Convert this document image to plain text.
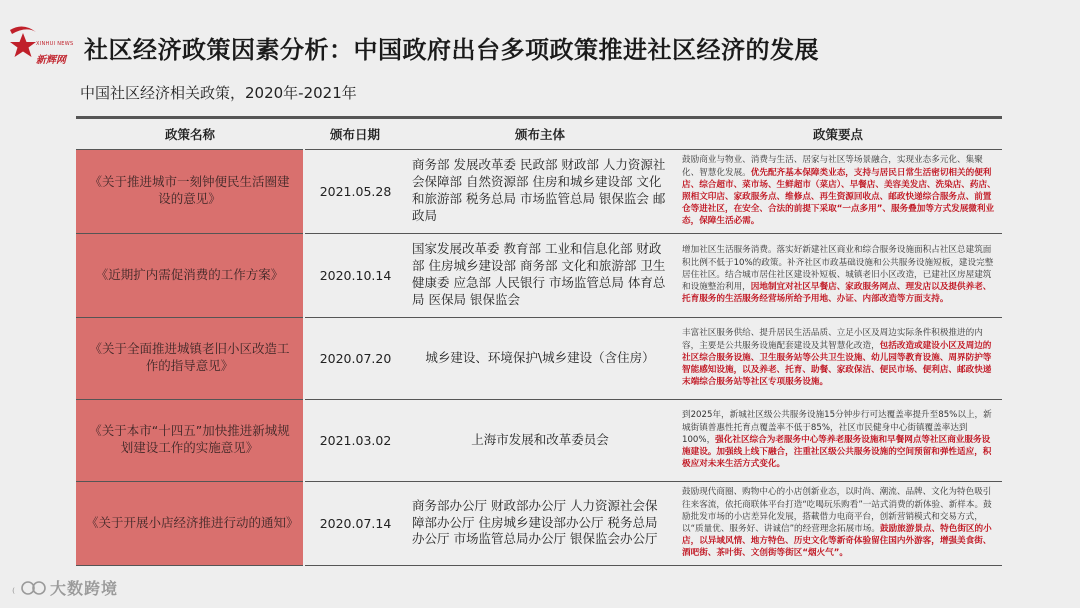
XINHUI NEWS
新辉网 社区经济政策因素分析：中国政府出台多项政策推进社区经济的发展
中国社区经济相关政策，2020年-2021年
政策名称	颁布日期	颁布主体	政策要点
《关于推进城市一刻钟便民生活圈建设的意见》	2021.05.28	商务部 发展改革委 民政部 财政部 人力资源社会保障部 自然资源部 住房和城乡建设部 文化和旅游部 税务总局 市场监管总局 银保监会 邮政局	鼓励商业与物业、消费与生活、居家与社区等场景融合，实现业态多元化、集聚化、智慧化发展。优先配齐基本保障类业态，支持与居民日常生活密切相关的便利店、综合超市、菜市场、生鲜超市（菜店）、早餐店、美容美发店、洗染店、药店、照相文印店、家政服务点、维修点、再生资源回收点、邮政快递综合服务点、前置仓等进社区，在安全、合法的前提下采取“一点多用”、服务叠加等方式发展微利业态，保障生活必需。
《近期扩内需促消费的工作方案》	2020.10.14	国家发展改革委 教育部 工业和信息化部 财政部 住房城乡建设部 商务部 文化和旅游部 卫生健康委 应急部 人民银行 市场监管总局 体育总局 医保局 银保监会	增加社区生活服务消费。落实好新建社区商业和综合服务设施面积占社区总建筑面积比例不低于10%的政策。补齐社区市政基础设施和公共服务设施短板，建设完整居住社区。结合城市居住社区建设补短板、城镇老旧小区改造，已建社区房屋建筑和设施整治利用，因地制宜对社区早餐店、家政服务网点、理发店以及提供养老、托育服务的生活服务经营场所给予用地、办证、内部改造等方面支持。
《关于全面推进城镇老旧小区改造工作的指导意见》	2020.07.20	城乡建设、环境保护\城乡建设（含住房）	丰富社区服务供给、提升居民生活品质、立足小区及周边实际条件积极推进的内容，主要是公共服务设施配套建设及其智慧化改造，包括改造或建设小区及周边的社区综合服务设施、卫生服务站等公共卫生设施、幼儿园等教育设施、周界防护等智能感知设施，以及养老、托育、助餐、家政保洁、便民市场、便利店、邮政快递末端综合服务站等社区专项服务设施。
《关于本市“十四五”加快推进新城规划建设工作的实施意见》	2021.03.02	上海市发展和改革委员会	到2025年，新城社区级公共服务设施15分钟步行可达覆盖率提升至85%以上，新城街镇普惠性托育点覆盖率不低于85%，社区市民健身中心街镇覆盖率达到100%，强化社区综合为老服务中心等养老服务设施和早餐网点等社区商业服务设施建设。加强线上线下融合，注重社区级公共服务设施的空间预留和弹性适应，积极应对未来生活方式变化。
《关于开展小店经济推进行动的通知》	2020.07.14	商务部办公厅 财政部办公厅 人力资源社会保障部办公厅 住房城乡建设部办公厅 税务总局办公厅 市场监管总局办公厅 银保监会办公厅	鼓励现代商圈、购物中心的小店创新业态，以时尚、潮流、品牌、文化为特色吸引往来客流，依托商联体平台打造“吃喝玩乐购看”一站式消费的新体验、新样本。鼓励批发市场的小店差异化发展，搭載借力电商平台，创新营销模式和交易方式，以“质量优、服务好、讲诚信”的经营理念拓展市场。鼓励旅游景点、特色街区的小店，以异域风情、地方特色、历史文化等新奇体验留住国内外游客，增强美食街、酒吧街、茶叶街、文创街等街区“烟火气”。
₍ 大数跨境
